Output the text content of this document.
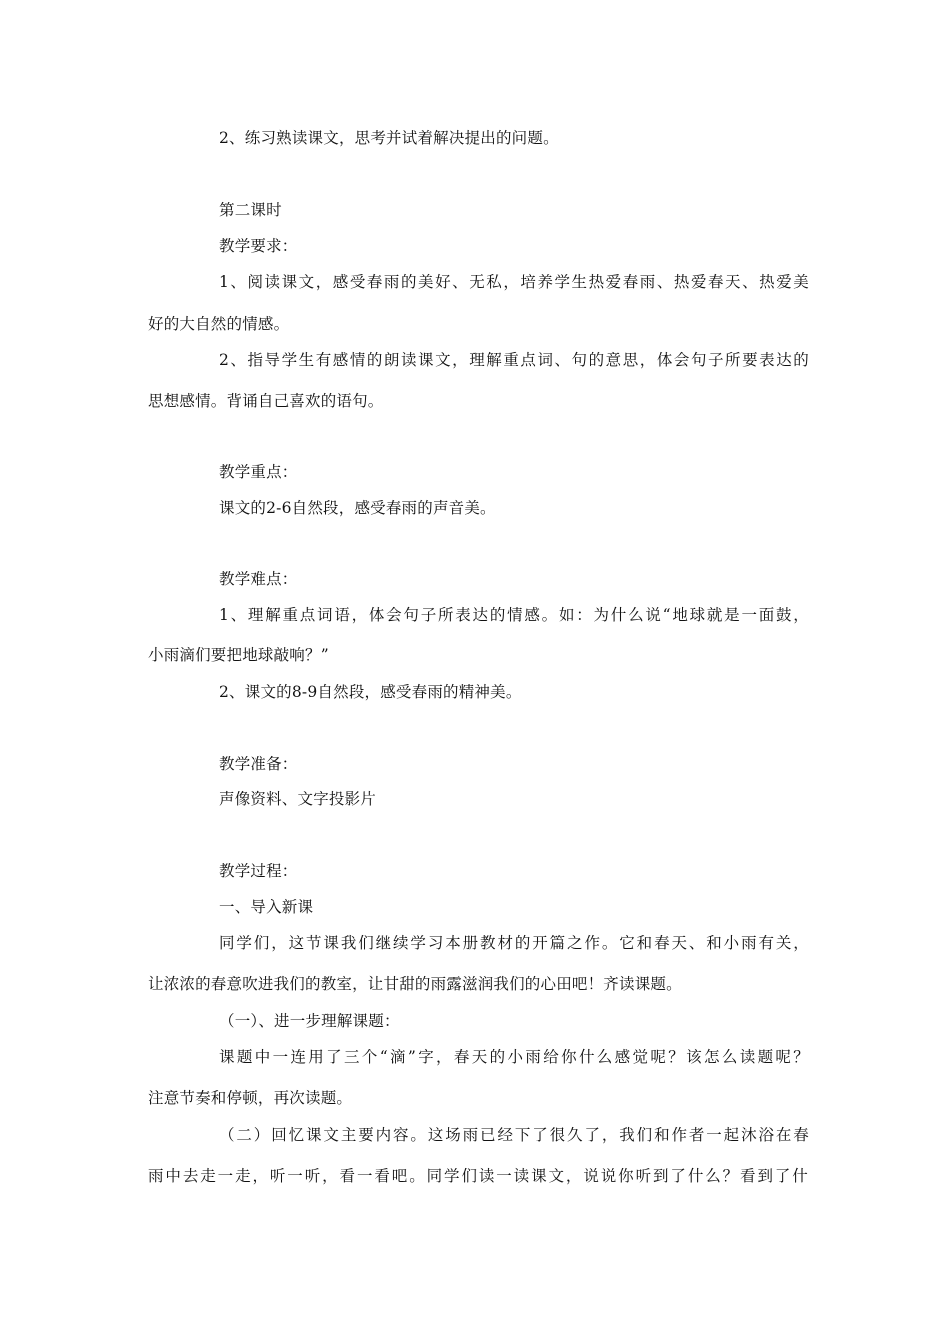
2、练习熟读课文，思考并试着解决提出的问题。
第二课时
教学要求：
1、阅读课文，感受春雨的美好、无私，培养学生热爱春雨、热爱春天、热爱美
好的大自然的情感。
2、指导学生有感情的朗读课文，理解重点词、句的意思，体会句子所要表达的
思想感情。背诵自己喜欢的语句。
教学重点：
课文的2-6自然段，感受春雨的声音美。
教学难点：
1、理解重点词语，体会句子所表达的情感。如：为什么说“地球就是一面鼓，
小雨滴们要把地球敲响？”
2、课文的8-9自然段，感受春雨的精神美。
教学准备：
声像资料、文字投影片
教学过程：
一、导入新课
同学们，这节课我们继续学习本册教材的开篇之作。它和春天、和小雨有关，
让浓浓的春意吹进我们的教室，让甘甜的雨露滋润我们的心田吧！齐读课题。
（一）、进一步理解课题：
课题中一连用了三个“滴”字，春天的小雨给你什么感觉呢？该怎么读题呢？
注意节奏和停顿，再次读题。
（二）回忆课文主要内容。这场雨已经下了很久了，我们和作者一起沐浴在春
雨中去走一走，听一听，看一看吧。同学们读一读课文，说说你听到了什么？看到了什
